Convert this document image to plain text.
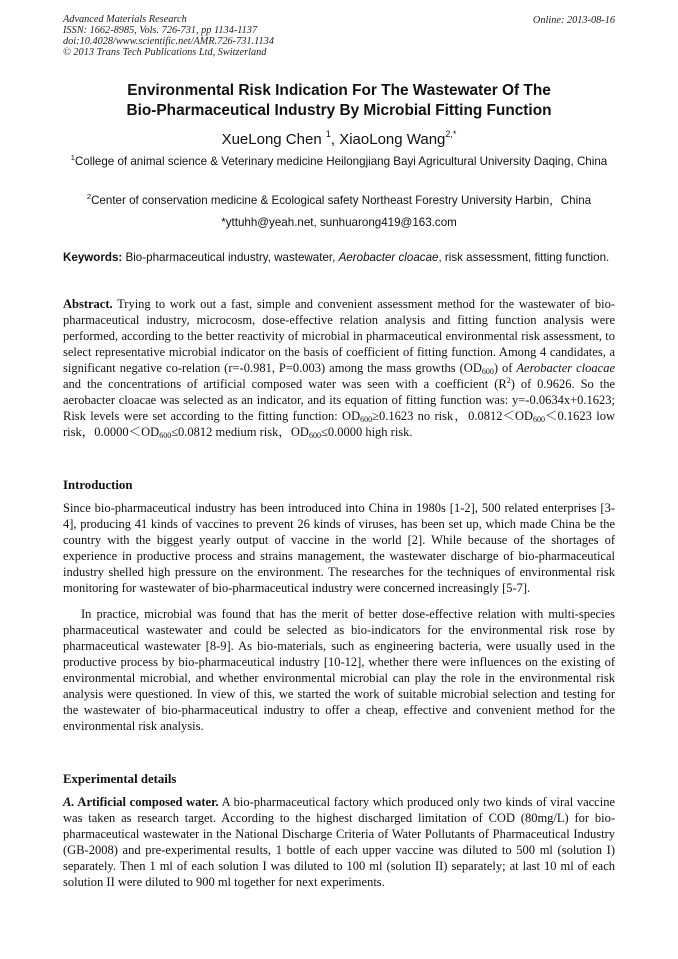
Advanced Materials Research
ISSN: 1662-8985, Vols. 726-731, pp 1134-1137
doi:10.4028/www.scientific.net/AMR.726-731.1134
© 2013 Trans Tech Publications Ltd, Switzerland
Online: 2013-08-16
Environmental Risk Indication For The Wastewater Of The
Bio-Pharmaceutical Industry By Microbial Fitting Function
XueLong Chen $^1$, XiaoLong Wang$^{2,*}$
$^1$College of animal science & Veterinary medicine Heilongjiang Bayi Agricultural University Daqing, China
$^2$Center of conservation medicine & Ecological safety Northeast Forestry University Harbin，China
*yttuhh@yeah.net, sunhuarong419@163.com
Keywords: Bio-pharmaceutical industry, wastewater, Aerobacter cloacae, risk assessment, fitting function.
Abstract. Trying to work out a fast, simple and convenient assessment method for the wastewater of bio-pharmaceutical industry, microcosm, dose-effective relation analysis and fitting function analysis were performed, according to the better reactivity of microbial in pharmaceutical environmental risk assessment, to select representative microbial indicator on the basis of coefficient of fitting function. Among 4 candidates, a significant negative co-relation (r=-0.981, P=0.003) among the mass growths $(OD_{600})$ of Aerobacter cloacae and the concentrations of artificial composed water was seen with a coefficient $(R^2)$ of 0.9626. So the aerobacter cloacae was selected as an indicator, and its equation of fitting function was: y=-0.0634x+0.1623; Risk levels were set according to the fitting function: $OD_{600}\ge 0.1623$ no risk，$0.0812<OD_{600}<0.1623$ low risk，$0.0000<OD_{600}\le 0.0812$ medium risk，$OD_{600}\le 0.0000$ high risk.
Introduction
Since bio-pharmaceutical industry has been introduced into China in 1980s [1-2], 500 related enterprises [3-4], producing 41 kinds of vaccines to prevent 26 kinds of viruses, has been set up, which made China be the country with the biggest yearly output of vaccine in the world [2]. While because of the shortages of experience in productive process and strains management, the wastewater discharge of bio-pharmaceutical industry shelled high pressure on the environment. The researches for the techniques of environmental risk monitoring for wastewater of bio-pharmaceutical industry were concerned increasingly [5-7].
In practice, microbial was found that has the merit of better dose-effective relation with multi-species pharmaceutical wastewater and could be selected as bio-indicators for the environmental risk rose by pharmaceutical wastewater [8-9]. As bio-materials, such as engineering bacteria, were usually used in the productive process by bio-pharmaceutical industry [10-12], whether there were influences on the existing of environmental microbial, and whether environmental microbial can play the role in the environmental risk analysis were questioned. In view of this, we started the work of suitable microbial selection and testing for the wastewater of bio-pharmaceutical industry to offer a cheap, effective and convenient method for the environmental risk analysis.
Experimental details
A. Artificial composed water. A bio-pharmaceutical factory which produced only two kinds of viral vaccine was taken as research target. According to the highest discharged limitation of COD (80mg/L) for bio-pharmaceutical wastewater in the National Discharge Criteria of Water Pollutants of Pharmaceutical Industry (GB-2008) and pre-experimental results, 1 bottle of each upper vaccine was diluted to 500 ml (solution I) separately. Then 1 ml of each solution I was diluted to 100 ml (solution II) separately; at last 10 ml of each solution II were diluted to 900 ml together for next experiments.
